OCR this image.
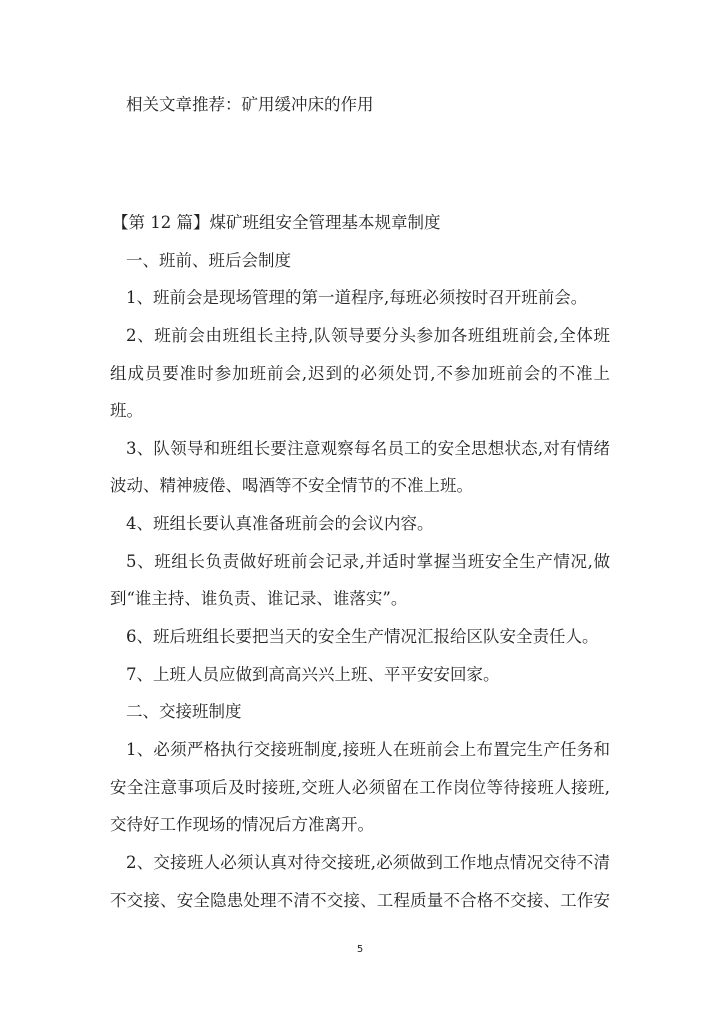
相关文章推荐：矿用缓冲床的作用
【第 12 篇】煤矿班组安全管理基本规章制度
一、班前、班后会制度
1、班前会是现场管理的第一道程序,每班必须按时召开班前会。
2、班前会由班组长主持,队领导要分头参加各班组班前会,全体班
组成员要准时参加班前会,迟到的必须处罚,不参加班前会的不准上
班。
3、队领导和班组长要注意观察每名员工的安全思想状态,对有情绪
波动、精神疲倦、喝酒等不安全情节的不准上班。
4、班组长要认真准备班前会的会议内容。
5、班组长负责做好班前会记录,并适时掌握当班安全生产情况,做
到“谁主持、谁负责、谁记录、谁落实”。
6、班后班组长要把当天的安全生产情况汇报给区队安全责任人。
7、上班人员应做到高高兴兴上班、平平安安回家。
二、交接班制度
1、必须严格执行交接班制度,接班人在班前会上布置完生产任务和
安全注意事项后及时接班,交班人必须留在工作岗位等待接班人接班,
交待好工作现场的情况后方准离开。
2、交接班人必须认真对待交接班,必须做到工作地点情况交待不清
不交接、安全隐患处理不清不交接、工程质量不合格不交接、工作安
5
